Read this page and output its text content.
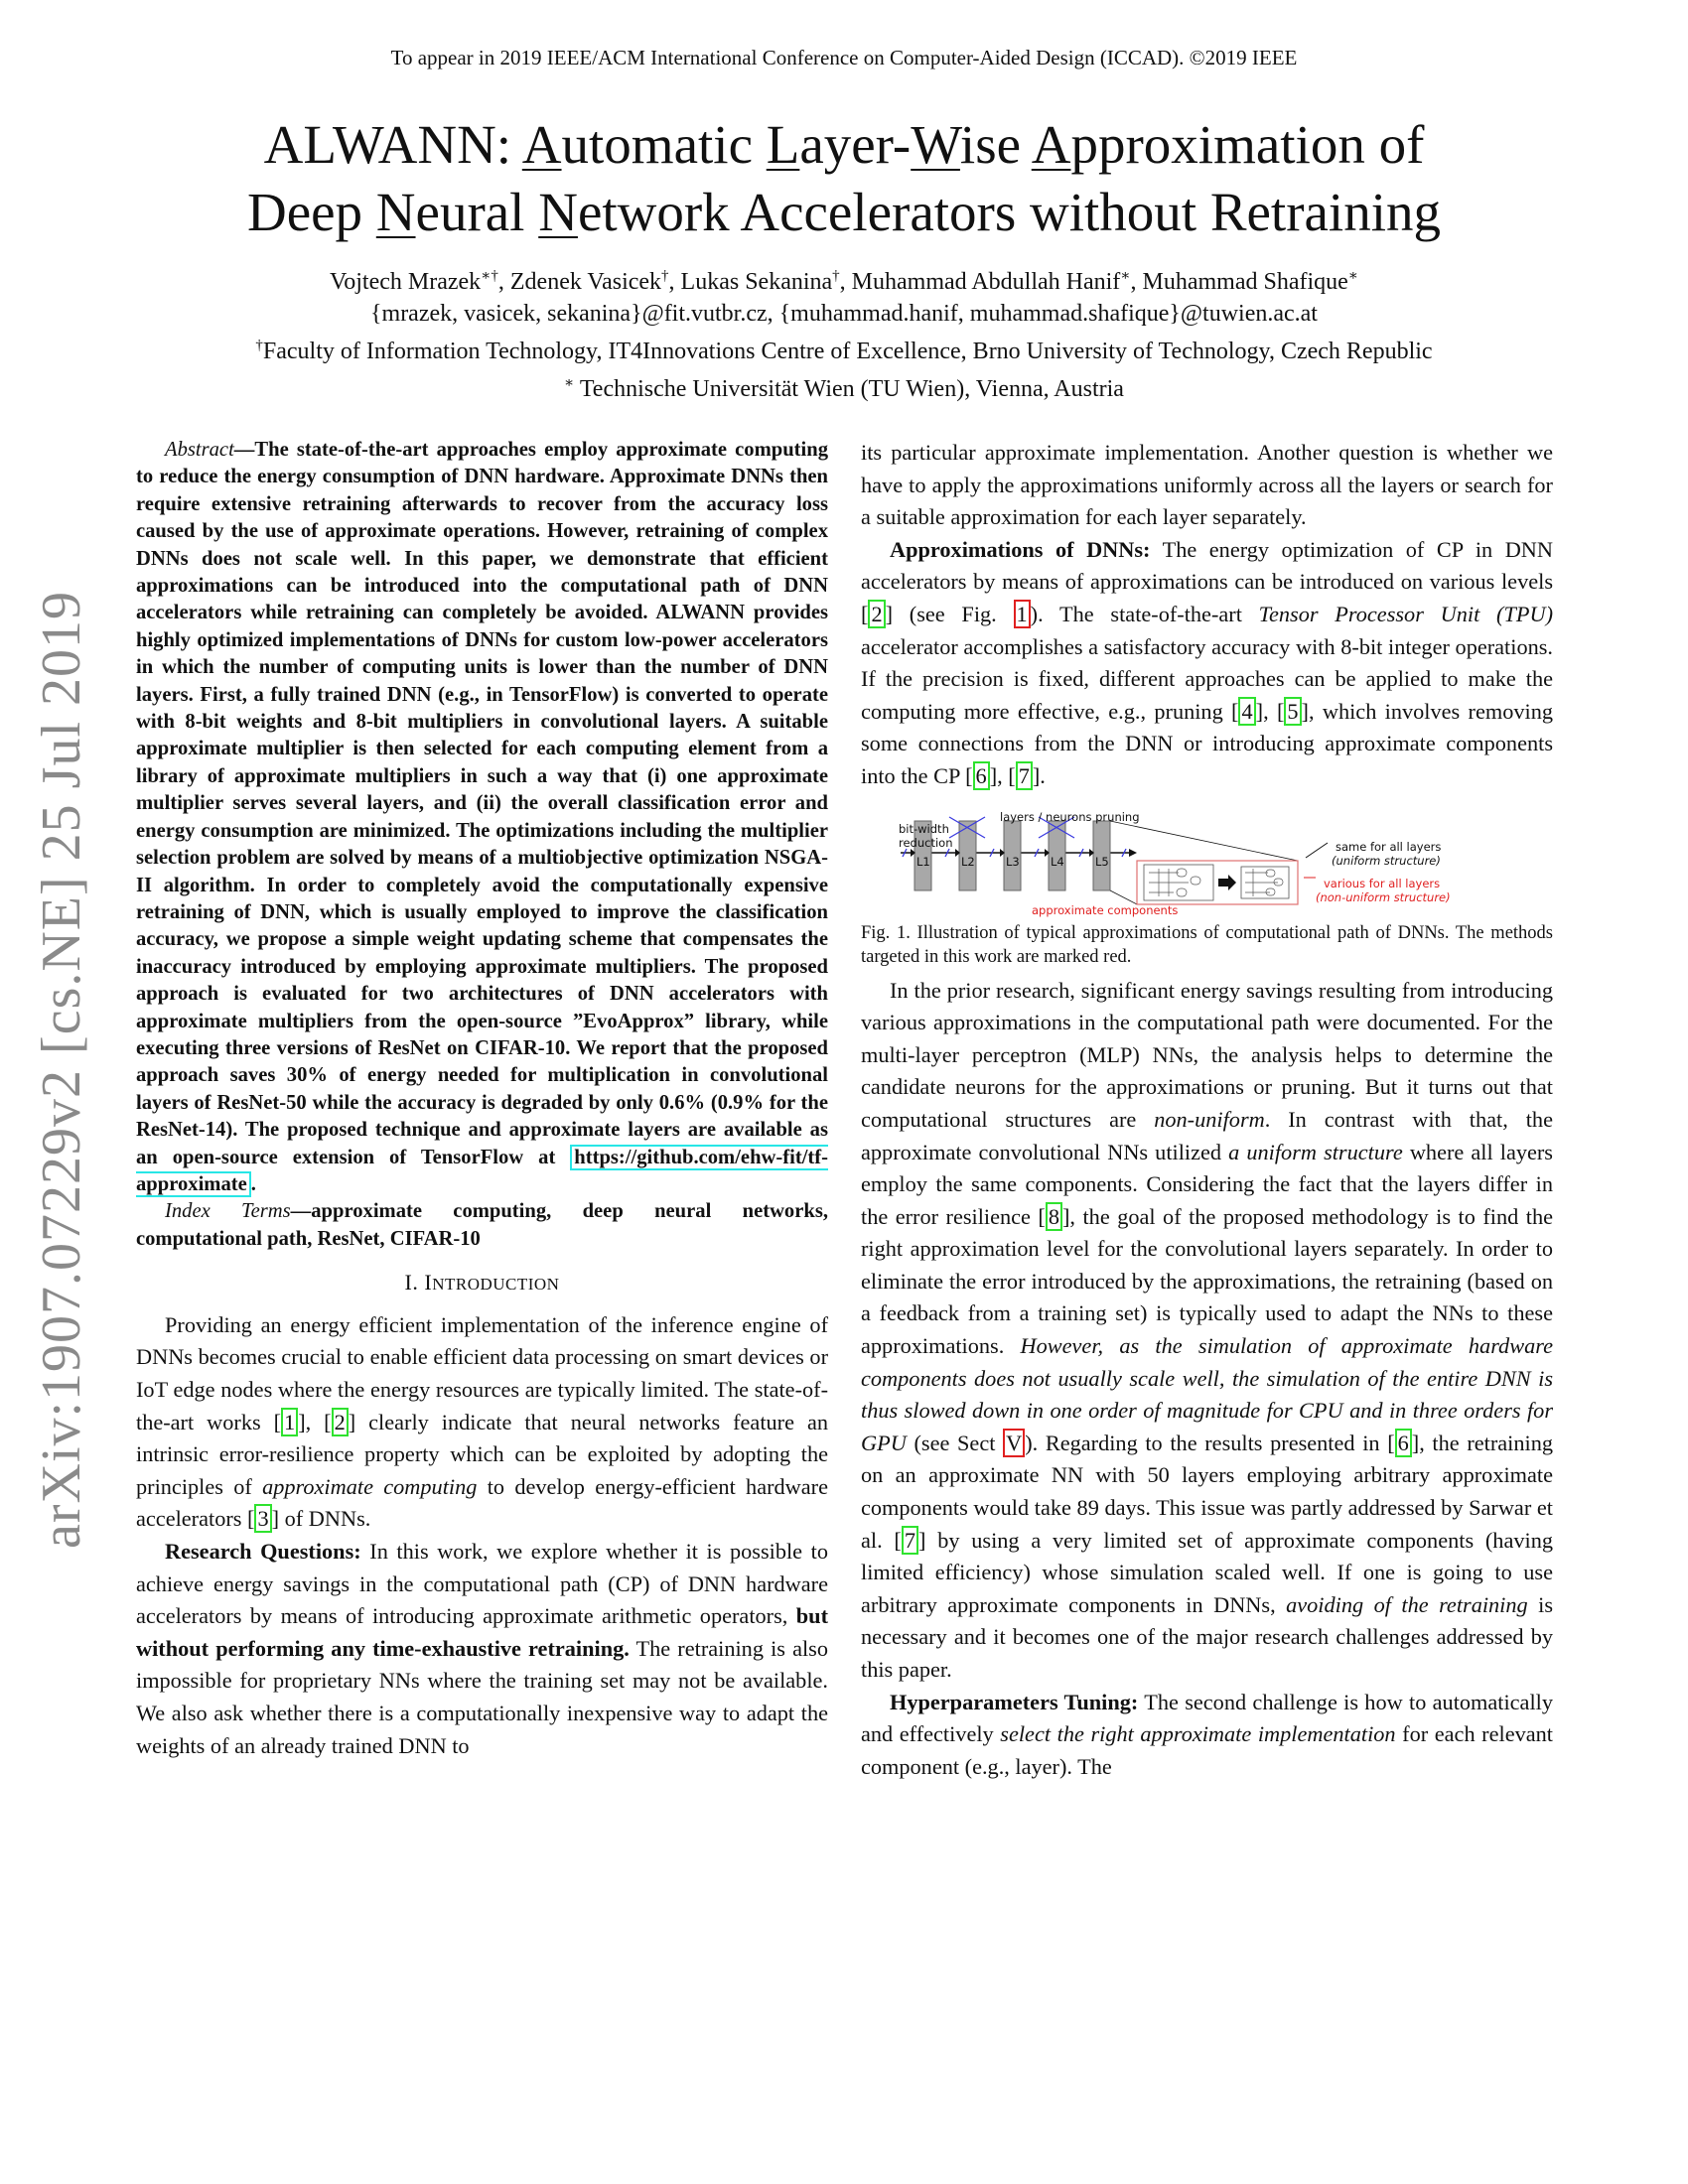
To appear in 2019 IEEE/ACM International Conference on Computer-Aided Design (ICCAD). ©2019 IEEE
arXiv:1907.07229v2 [cs.NE] 25 Jul 2019
ALWANN: Automatic Layer-Wise Approximation of
Deep Neural Network Accelerators without Retraining
Vojtech Mrazek∗†, Zdenek Vasicek†, Lukas Sekanina†, Muhammad Abdullah Hanif∗, Muhammad Shafique∗
{mrazek, vasicek, sekanina}@fit.vutbr.cz, {muhammad.hanif, muhammad.shafique}@tuwien.ac.at
†Faculty of Information Technology, IT4Innovations Centre of Excellence, Brno University of Technology, Czech Republic
∗ Technische Universität Wien (TU Wien), Vienna, Austria

Abstract—The state-of-the-art approaches employ approximate computing to reduce the energy consumption of DNN hardware. Approximate DNNs then require extensive retraining afterwards to recover from the accuracy loss caused by the use of approximate operations. However, retraining of complex DNNs does not scale well. In this paper, we demonstrate that efficient approximations can be introduced into the computational path of DNN accelerators while retraining can completely be avoided. ALWANN provides highly optimized implementations of DNNs for custom low-power accelerators in which the number of computing units is lower than the number of DNN layers. First, a fully trained DNN (e.g., in TensorFlow) is converted to operate with 8-bit weights and 8-bit multipliers in convolutional layers. A suitable approximate multiplier is then selected for each computing element from a library of approximate multipliers in such a way that (i) one approximate multiplier serves several layers, and (ii) the overall classification error and energy consumption are minimized. The optimizations including the multiplier selection problem are solved by means of a multiobjective optimization NSGA-II algorithm. In order to completely avoid the computationally expensive retraining of DNN, which is usually employed to improve the classification accuracy, we propose a simple weight updating scheme that compensates the inaccuracy introduced by employing approximate multipliers. The proposed approach is evaluated for two architectures of DNN accelerators with approximate multipliers from the open-source ”EvoApprox” library, while executing three versions of ResNet on CIFAR-10. We report that the proposed approach saves 30% of energy needed for multiplication in convolutional layers of ResNet-50 while the accuracy is degraded by only 0.6% (0.9% for the ResNet-14). The proposed technique and approximate layers are available as an open-source extension of TensorFlow at https://github.com/ehw-fit/tf-approximate .

Index Terms—approximate computing, deep neural networks, computational path, ResNet, CIFAR-10

I. INTRODUCTION

Providing an energy efficient implementation of the inference engine of DNNs becomes crucial to enable efficient data processing on smart devices or IoT edge nodes where the energy resources are typically limited. The state-of-the-art works [ 1 ], [ 2 ] clearly indicate that neural networks feature an intrinsic error-resilience property which can be exploited by adopting the principles of approximate computing to develop energy-efficient hardware accelerators [ 3 ] of DNNs.

Research Questions: In this work, we explore whether it is possible to achieve energy savings in the computational path (CP) of DNN hardware accelerators by means of introducing approximate arithmetic operators, but without performing any time-exhaustive retraining. The retraining is also impossible for proprietary NNs where the training set may not be available. We also ask whether there is a computationally inexpensive way to adapt the weights of an already trained DNN to

its particular approximate implementation. Another question is whether we have to apply the approximations uniformly across all the layers or search for a suitable approximation for each layer separately.

Approximations of DNNs: The energy optimization of CP in DNN accelerators by means of approximations can be introduced on various levels [ 2 ] (see Fig. 1 ). The state-of-the-art Tensor Processor Unit (TPU) accelerator accomplishes a satisfactory accuracy with 8-bit integer operations. If the precision is fixed, different approaches can be applied to make the computing more effective, e.g., pruning [ 4 ], [ 5 ], which involves removing some connections from the DNN or introducing approximate components into the CP [ 6 ], [ 7 ].

layers / neurons pruning
bit-width
reduction
L1	L2	L3	L4	L5
approximate components
same for all layers
(uniform structure)
various for all layers
(non-uniform structure)

Fig. 1. Illustration of typical approximations of computational path of DNNs. The methods targeted in this work are marked red.

In the prior research, significant energy savings resulting from introducing various approximations in the computational path were documented. For the multi-layer perceptron (MLP) NNs, the analysis helps to determine the candidate neurons for the approximations or pruning. But it turns out that computational structures are non-uniform. In contrast with that, the approximate convolutional NNs utilized a uniform structure where all layers employ the same components. Considering the fact that the layers differ in the error resilience [ 8 ], the goal of the proposed methodology is to find the right approximation level for the convolutional layers separately. In order to eliminate the error introduced by the approximations, the retraining (based on a feedback from a training set) is typically used to adapt the NNs to these approximations. However, as the simulation of approximate hardware components does not usually scale well, the simulation of the entire DNN is thus slowed down in one order of magnitude for CPU and in three orders for GPU (see Sect V ). Regarding to the results presented in [ 6 ], the retraining on an approximate NN with 50 layers employing arbitrary approximate components would take 89 days. This issue was partly addressed by Sarwar et al. [ 7 ] by using a very limited set of approximate components (having limited efficiency) whose simulation scaled well. If one is going to use arbitrary approximate components in DNNs, avoiding of the retraining is necessary and it becomes one of the major research challenges addressed by this paper.

Hyperparameters Tuning: The second challenge is how to automatically and effectively select the right approximate implementation for each relevant component (e.g., layer). The
